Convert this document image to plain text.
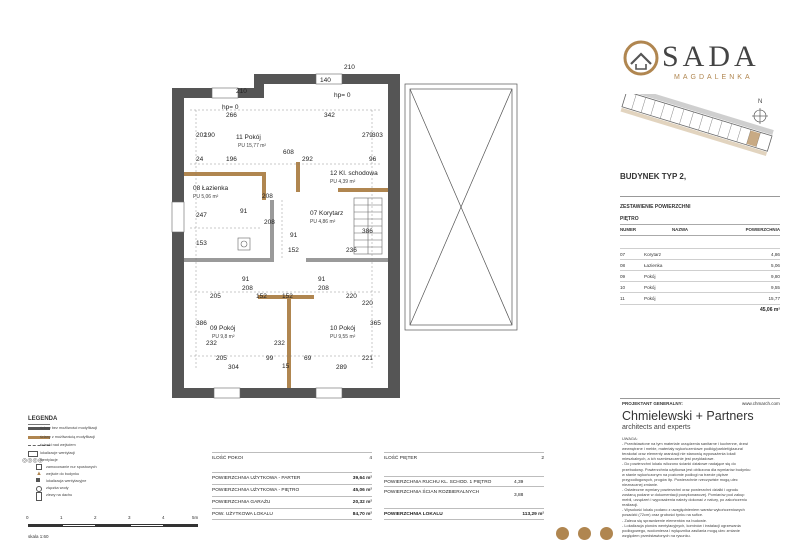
SADA
MAGDALENKA
N
BUDYNEK TYP 2,
ZESTAWIENIE POWIERZCHNI
PIĘTRO
NUMER	NAZWA	POWIERZCHNIA
07	Korytarz	4,86
08	Łazienka	5,06
09	Pokój	9,80
10	Pokój	9,55
11	Pokój	15,77
45,06 m²
PROJEKTANT GENERALNY:	www.chmarch.com
Chmielewski + Partners
architects and experts
UWAGA:
- Przedstawione na tym materiale urządzenia sanitarne i kuchenne, drzwi
wewnętrzne i meble, materiały wykończeniowe podłóg/parkiet/glazura/
terakota/ oraz elementy aranżacji nie stanowią wyposażenia lokali
mieszkalnych, a ich rozmieszczenie jest przykładowe.
- Do powierzchni lokalu wliczono ścianki działowe nadające się do
przebudowy. Powierzchnia użytkowa jest obliczona dla wymiarów budynku
w stanie wykończonym na poziomie podłogi na trzecie piętrze
przypodłogowych, progów itp. Powierzchnie rzeczywiste mogą ulec
nieznacznej zmianie.
- Ostateczne wymiary powierzchni oraz powierzchni działki i ogrodu
zostaną podane w dokumentacji powykonawczej. Pomiarów pod zakup
mebli, urządzeń i wyposażenia należy dokonać z natury, po zakończeniu
realizacji.
- Wysokość lokalu podano z uwzględnieniem warstw wykończeniowych
posadzki (72cm) oraz grubości tynku na sufice.
- Zaleca się sprawdzenie elementów na budowie.
- Lokalizacja pionów wentylacyjnych, kominów i instalacji ogrzewania
podłogowego, wodomierza i wyłącznika zasilania mogą ulec zmianie
względem przedstawionych na rysunku.
LEGENDA
ściany bez możliwości modyfikacji
ściany z możliwością modyfikacji
ścianki nad wejściem
lokalizacje wentylacji
◎◎◎◎
wentylacje
zamocowanie nur spustowych
▲ wejście do budynku
lokalizacja wentylacyjne
złączka wody
zlewy na dachu
0	1	2	3	4	5m
skala 1:60
ILOŚĆ POKOI	4
POWIERZCHNIA UŻYTKOWA - PARTER	39,64 m²
POWIERZCHNIA UŻYTKOWA - PIĘTRO	45,06 m²
POWIERZCHNIA GARAŻU	20,32 m²
POW. UŻYTKOWA LOKALU	84,70 m²
ILOŚĆ PIĘTER	2
POWIERZCHNIA RUCHU KL. SCHOD. 1 PIĘTRO	4,39
POWIERZCHNIA ŚCIAN ROZBIERALNYCH
3,88
POWIERZCHNIA LOKALU	113,29 m²
11 Pokój
PU 15,77 m²
12 Kl. schodowa
PU 4,39 m²
08 Łazienka
PU 5,06 m²
07 Korytarz
PU 4,86 m²
09 Pokój
PU 9,8 m²
10 Pokój
PU 9,55 m²
hp= 0
hp= 0
266	342
292	96
140
210
210
190
202	279 303
608
196
24
91
208
91
208
247
153
152	236
386
220
152
208
91
91
208
205
205
152
15
220
386
232	232
365
99	69
304	289
221
